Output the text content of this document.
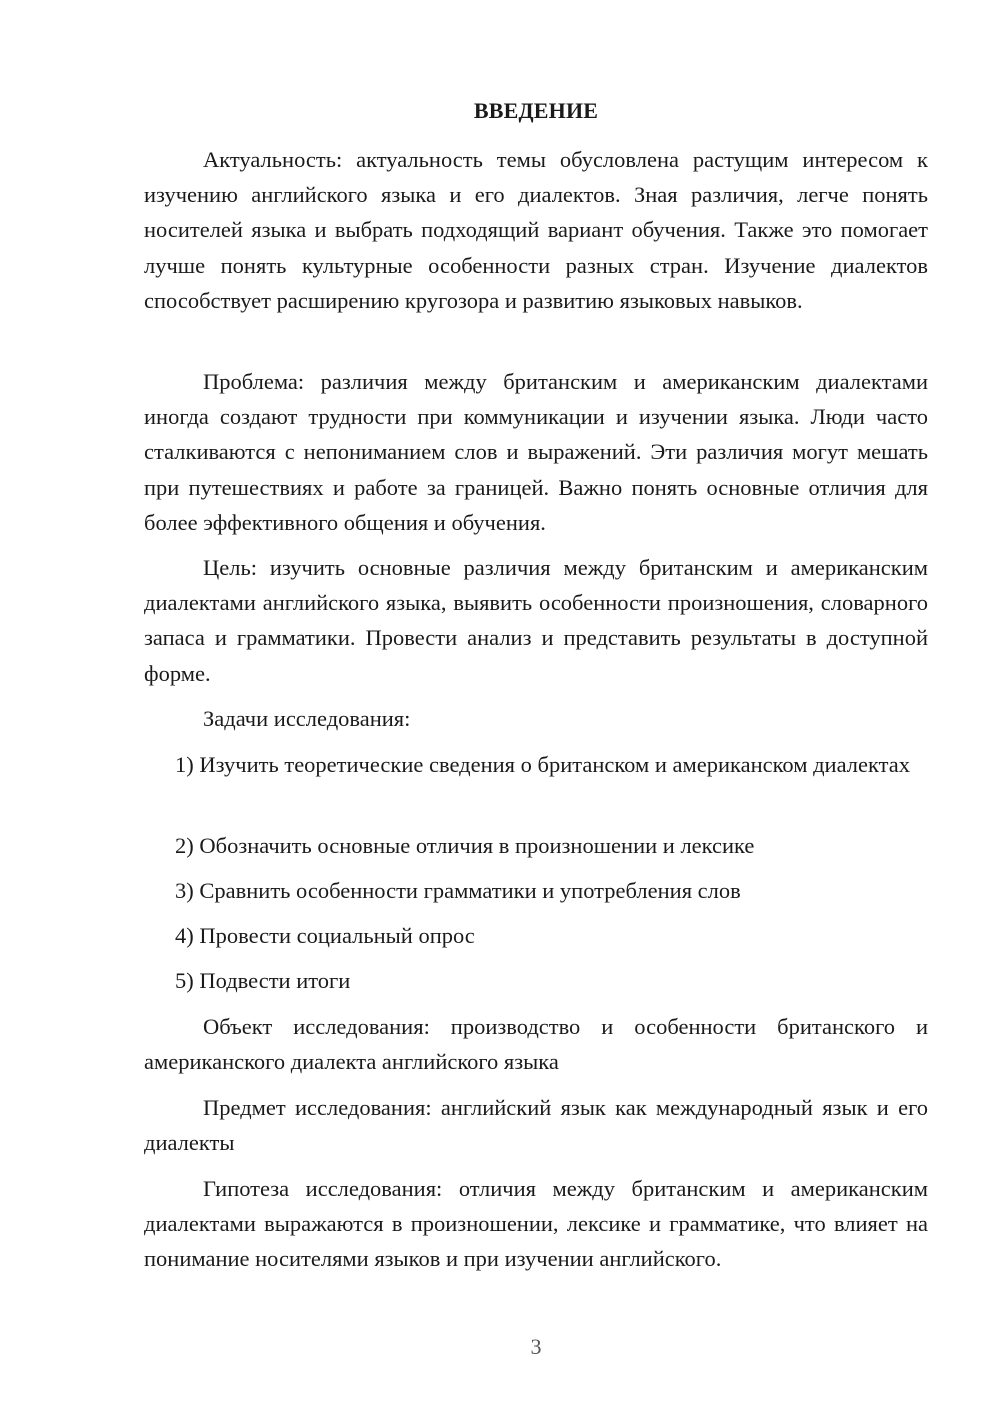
ВВЕДЕНИЕ

Актуальность: актуальность темы обусловлена растущим интересом к изучению английского языка и его диалектов. Зная различия, легче понять носителей языка и выбрать подходящий вариант обучения. Также это помогает лучше понять культурные особенности разных стран. Изучение диалектов способствует расширению кругозора и развитию языковых навыков.

Проблема: различия между британским и американским диалектами иногда создают трудности при коммуникации и изучении языка. Люди часто сталкиваются с непониманием слов и выражений. Эти различия могут мешать при путешествиях и работе за границей. Важно понять основные отличия для более эффективного общения и обучения.

Цель: изучить основные различия между британским и американским диалектами английского языка, выявить особенности произношения, словарного запаса и грамматики. Провести анализ и представить результаты в доступной форме.

Задачи исследования:

1) Изучить теоретические сведения о британском и американском диалектах

2) Обозначить основные отличия в произношении и лексике

3) Сравнить особенности грамматики и употребления слов

4) Провести социальный опрос

5) Подвести итоги

Объект исследования: производство и особенности британского и американского диалекта английского языка

Предмет исследования: английский язык как международный язык и его диалекты

Гипотеза исследования: отличия между британским и американским диалектами выражаются в произношении, лексике и грамматике, что влияет на понимание носителями языков и при изучении английского.

3
